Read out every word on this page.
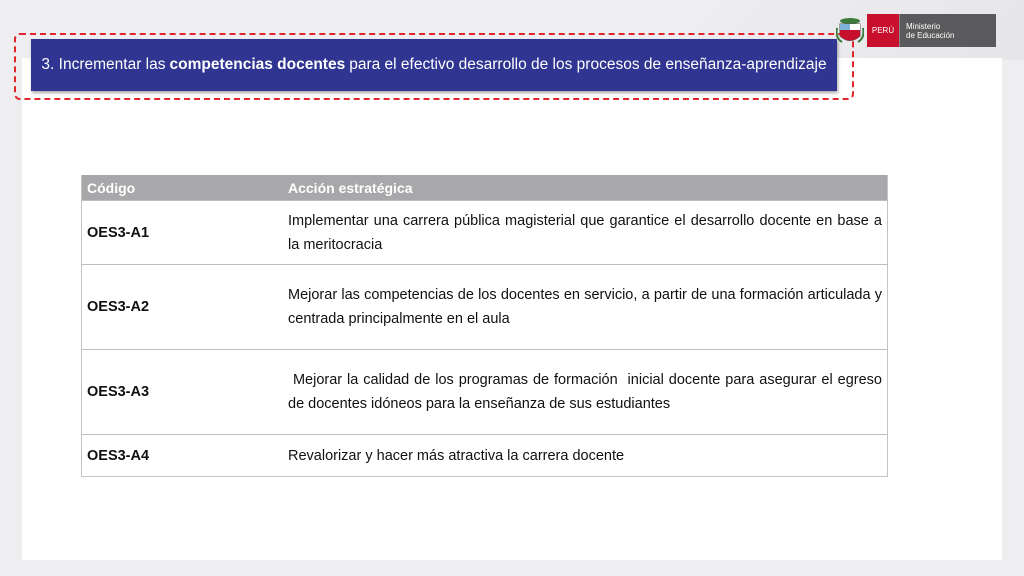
3. Incrementar las competencias docentes para el efectivo desarrollo de los procesos de enseñanza-aprendizaje
PERÚ	Ministerio
de Educación
Código	Acción estratégica
OES3-A1	Implementar una carrera pública magisterial que garantice el desarrollo docente en base a la meritocracia
OES3-A2	Mejorar las competencias de los docentes en servicio, a partir de una formación articulada y centrada principalmente en el aula
OES3-A3	Mejorar la calidad de los programas de formación  inicial docente para asegurar el egreso de docentes idóneos para la enseñanza de sus estudiantes
OES3-A4	Revalorizar y hacer más atractiva la carrera docente
